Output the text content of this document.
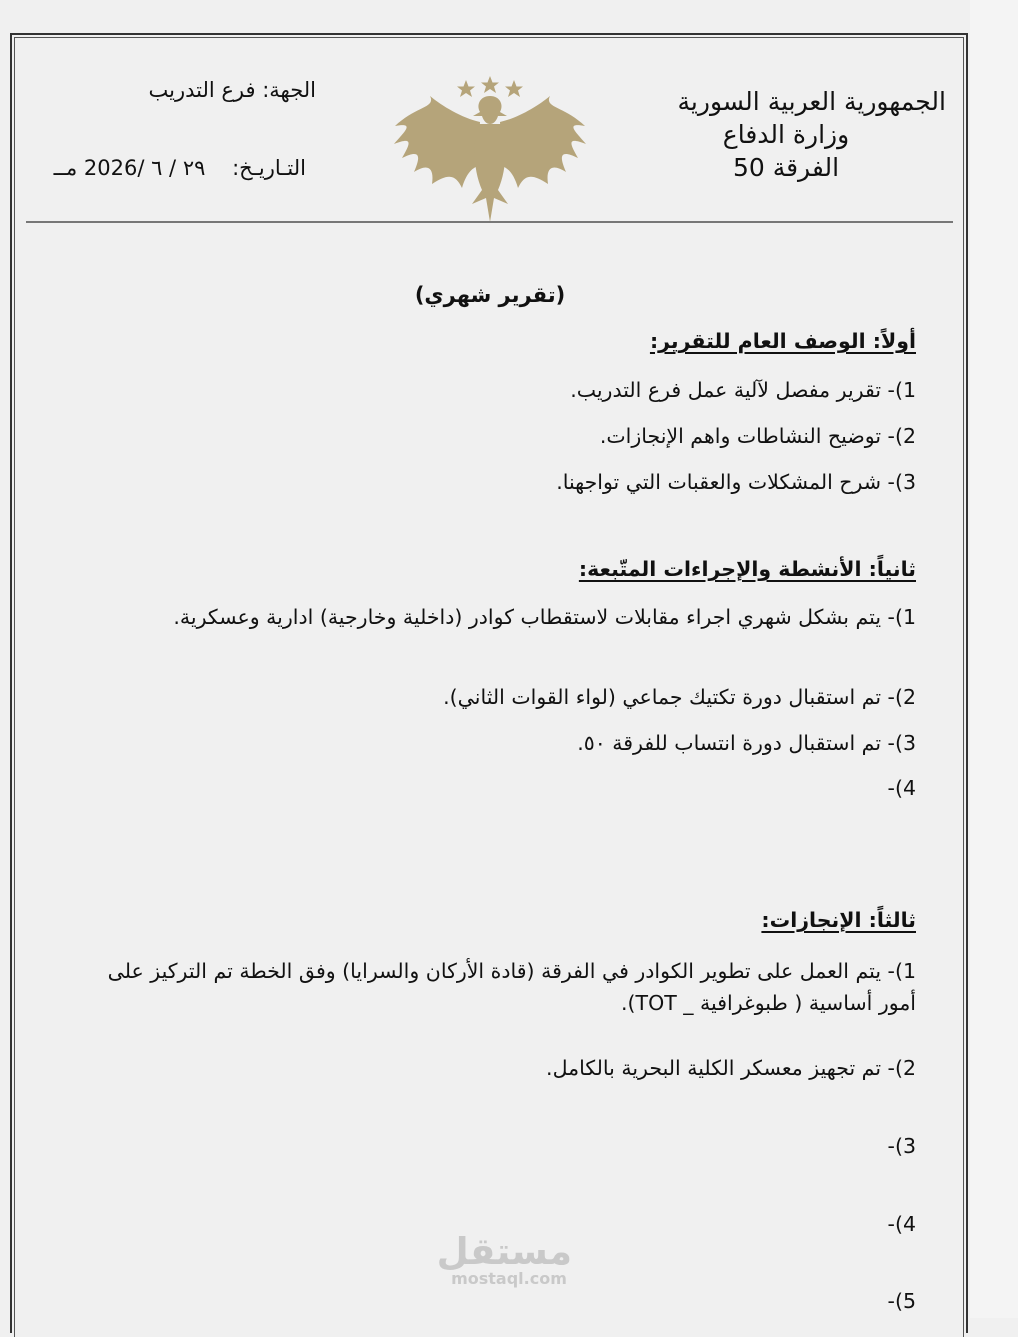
الجمهورية العربية السورية
وزارة الدفاع
الفرقة 50
الجهة: فرع التدريب
التـاريـخ:    ٢٩ / ٦ /2026 مــ
(تقرير شهري)
أولاً: الوصف العام للتقرير:
1)- تقرير مفصل لآلية عمل فرع التدريب.
2)- توضيح النشاطات واهم الإنجازات.
3)- شرح المشكلات والعقبات التي تواجهنا.
ثانياً: الأنشطة والإجراءات المتّبعة:
1)- يتم بشكل شهري اجراء مقابلات لاستقطاب كوادر (داخلية وخارجية) ادارية وعسكرية.
2)- تم استقبال دورة تكتيك جماعي (لواء القوات الثاني).
3)- تم استقبال دورة انتساب للفرقة ٥٠.
4)-
ثالثاً: الإنجازات:
1)- يتم العمل على تطوير الكوادر في الفرقة (قادة الأركان والسرايا) وفق الخطة تم التركيز على أمور أساسية ( طبوغرافية _ TOT).
2)- تم تجهيز معسكر الكلية البحرية بالكامل.
3)-
4)-
5)-
مستقل
mostaql.com
